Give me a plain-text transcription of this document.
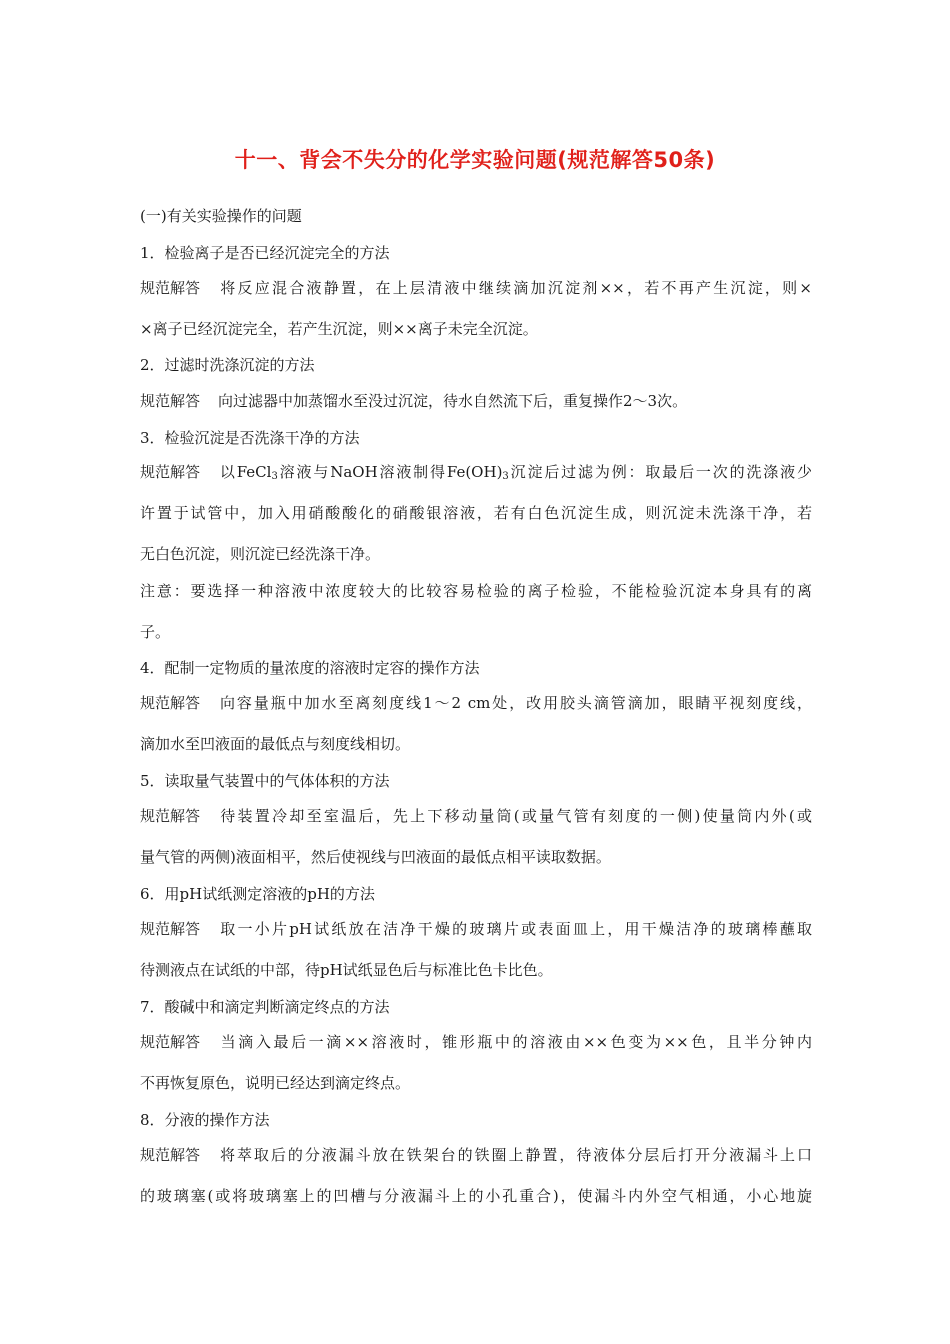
十一、背会不失分的化学实验问题(规范解答50条)
(一)有关实验操作的问题
1．检验离子是否已经沉淀完全的方法
规范解答 将反应混合液静置，在上层清液中继续滴加沉淀剂××，若不再产生沉淀，则×
×离子已经沉淀完全，若产生沉淀，则××离子未完全沉淀。
2．过滤时洗涤沉淀的方法
规范解答 向过滤器中加蒸馏水至没过沉淀，待水自然流下后，重复操作2～3次。
3．检验沉淀是否洗涤干净的方法
规范解答 以FeCl$_3$溶液与NaOH溶液制得$Fe(OH)_3$沉淀后过滤为例：取最后一次的洗涤液少
许置于试管中，加入用硝酸酸化的硝酸银溶液，若有白色沉淀生成，则沉淀未洗涤干净，若
无白色沉淀，则沉淀已经洗涤干净。
注意：要选择一种溶液中浓度较大的比较容易检验的离子检验，不能检验沉淀本身具有的离
子。
4．配制一定物质的量浓度的溶液时定容的操作方法
规范解答 向容量瓶中加水至离刻度线1～2 cm处，改用胶头滴管滴加，眼睛平视刻度线，
滴加水至凹液面的最低点与刻度线相切。
5．读取量气装置中的气体体积的方法
规范解答 待装置冷却至室温后，先上下移动量筒(或量气管有刻度的一侧)使量筒内外(或
量气管的两侧)液面相平，然后使视线与凹液面的最低点相平读取数据。
6．用pH试纸测定溶液的pH的方法
规范解答 取一小片pH试纸放在洁净干燥的玻璃片或表面皿上，用干燥洁净的玻璃棒蘸取
待测液点在试纸的中部，待pH试纸显色后与标准比色卡比色。
7．酸碱中和滴定判断滴定终点的方法
规范解答 当滴入最后一滴××溶液时，锥形瓶中的溶液由××色变为××色，且半分钟内
不再恢复原色，说明已经达到滴定终点。
8．分液的操作方法
规范解答 将萃取后的分液漏斗放在铁架台的铁圈上静置，待液体分层后打开分液漏斗上口
的玻璃塞(或将玻璃塞上的凹槽与分液漏斗上的小孔重合)，使漏斗内外空气相通，小心地旋
